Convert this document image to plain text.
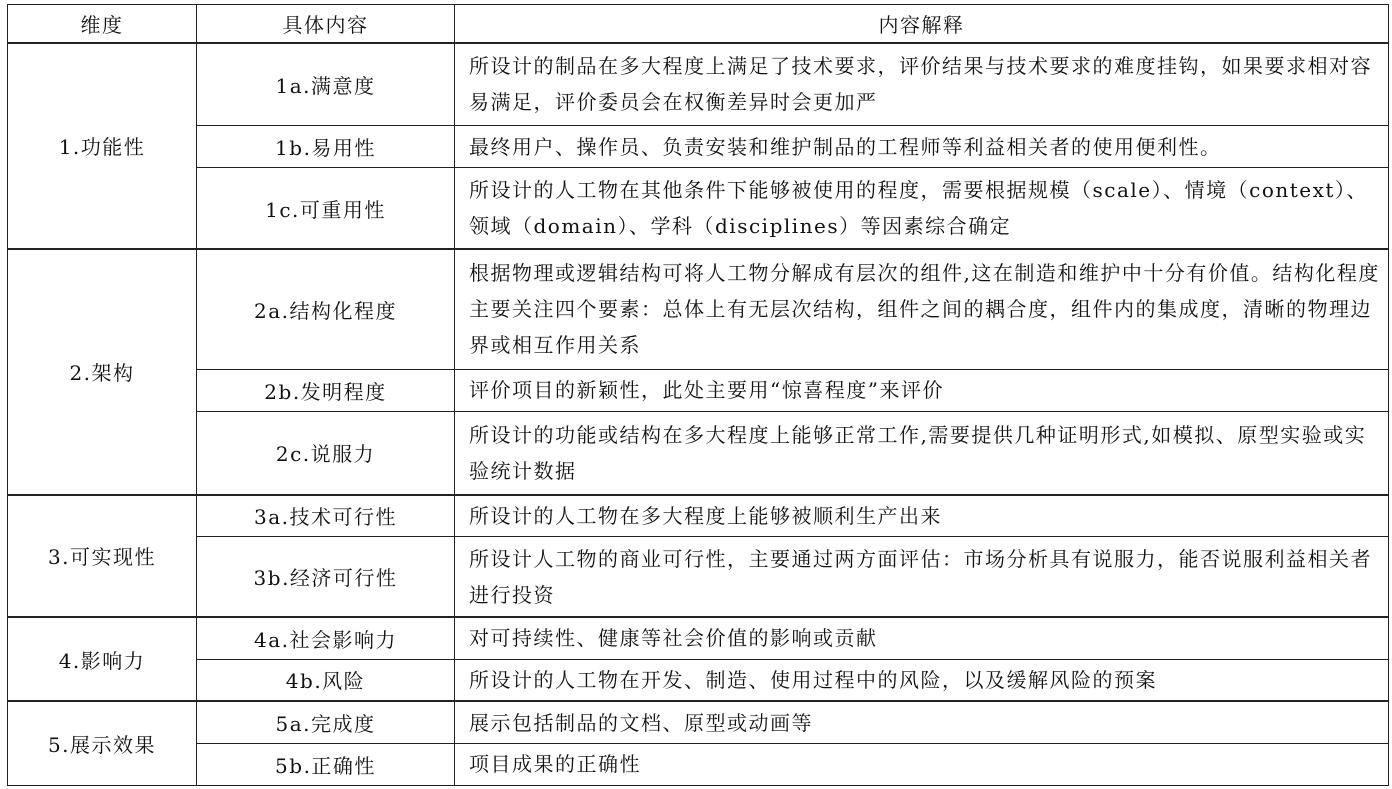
维度	具体内容	内容解释
1.功能性	1a.满意度	所设计的制品在多大程度上满足了技术要求，评价结果与技术要求的难度挂钩，如果要求相对容易满足，评价委员会在权衡差异时会更加严
	1b.易用性	最终用户、操作员、负责安装和维护制品的工程师等利益相关者的使用便利性。
	1c.可重用性	所设计的人工物在其他条件下能够被使用的程度，需要根据规模（scale）、情境（context）、领域（domain）、学科（disciplines）等因素综合确定
2.架构	2a.结构化程度	根据物理或逻辑结构可将人工物分解成有层次的组件,这在制造和维护中十分有价值。结构化程度主要关注四个要素：总体上有无层次结构，组件之间的耦合度，组件内的集成度，清晰的物理边界或相互作用关系
	2b.发明程度	评价项目的新颖性，此处主要用“惊喜程度”来评价
	2c.说服力	所设计的功能或结构在多大程度上能够正常工作,需要提供几种证明形式,如模拟、原型实验或实验统计数据
3.可实现性	3a.技术可行性	所设计的人工物在多大程度上能够被顺利生产出来
	3b.经济可行性	所设计人工物的商业可行性，主要通过两方面评估：市场分析具有说服力，能否说服利益相关者进行投资
4.影响力	4a.社会影响力	对可持续性、健康等社会价值的影响或贡献
	4b.风险	所设计的人工物在开发、制造、使用过程中的风险，以及缓解风险的预案
5.展示效果	5a.完成度	展示包括制品的文档、原型或动画等
	5b.正确性	项目成果的正确性
